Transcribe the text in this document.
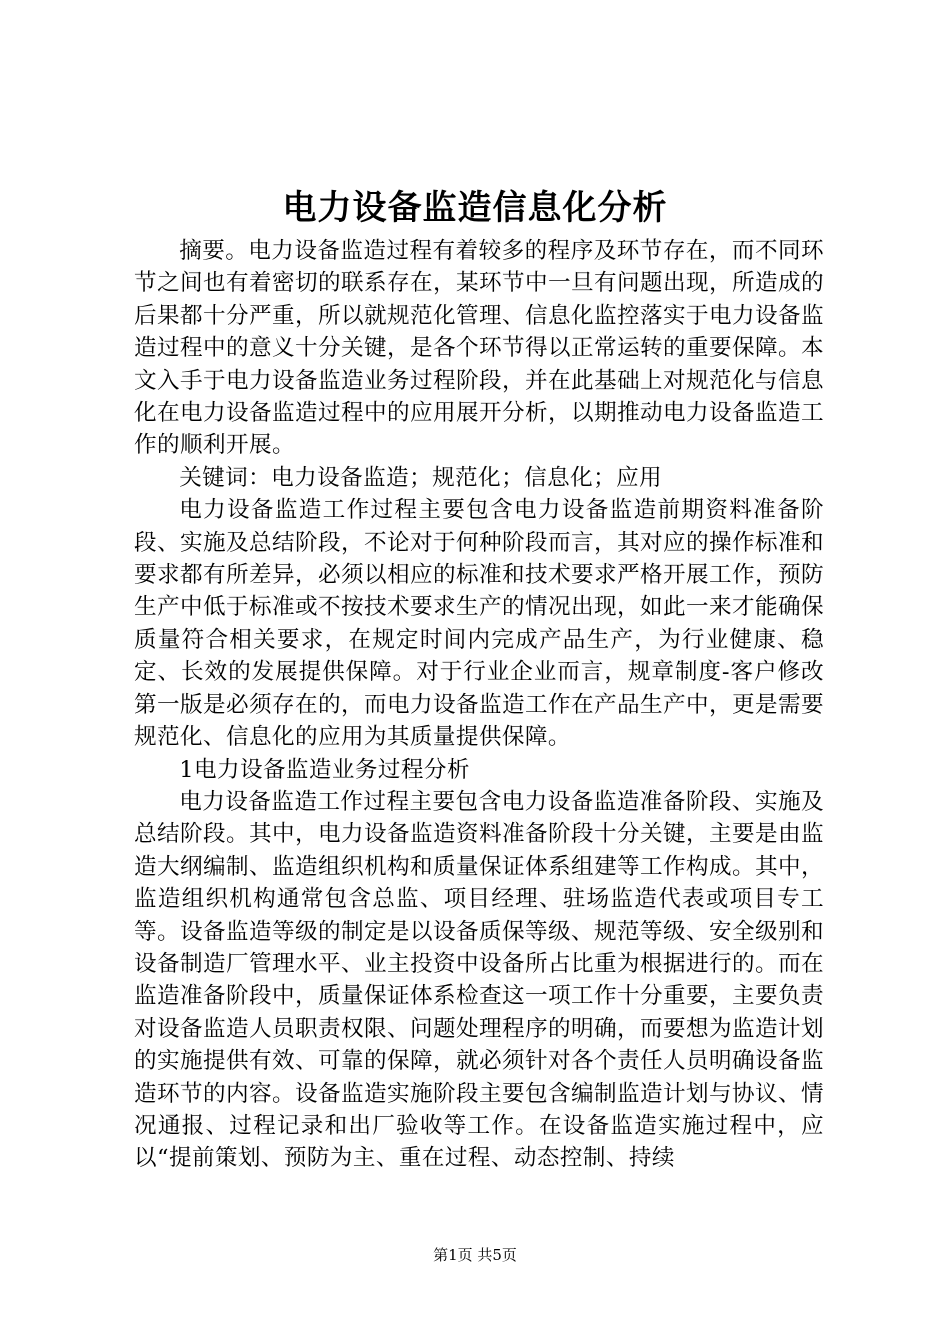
电力设备监造信息化分析

摘要。电力设备监造过程有着较多的程序及环节存在，而不同环节之间也有着密切的联系存在，某环节中一旦有问题出现，所造成的后果都十分严重，所以就规范化管理、信息化监控落实于电力设备监造过程中的意义十分关键，是各个环节得以正常运转的重要保障。本文入手于电力设备监造业务过程阶段，并在此基础上对规范化与信息化在电力设备监造过程中的应用展开分析，以期推动电力设备监造工作的顺利开展。

关键词：电力设备监造；规范化；信息化；应用

电力设备监造工作过程主要包含电力设备监造前期资料准备阶段、实施及总结阶段，不论对于何种阶段而言，其对应的操作标准和要求都有所差异，必须以相应的标准和技术要求严格开展工作，预防生产中低于标准或不按技术要求生产的情况出现，如此一来才能确保质量符合相关要求，在规定时间内完成产品生产，为行业健康、稳定、长效的发展提供保障。对于行业企业而言，规章制度-客户修改第一版是必须存在的，而电力设备监造工作在产品生产中，更是需要规范化、信息化的应用为其质量提供保障。

1电力设备监造业务过程分析

电力设备监造工作过程主要包含电力设备监造准备阶段、实施及总结阶段。其中，电力设备监造资料准备阶段十分关键，主要是由监造大纲编制、监造组织机构和质量保证体系组建等工作构成。其中，监造组织机构通常包含总监、项目经理、驻场监造代表或项目专工等。设备监造等级的制定是以设备质保等级、规范等级、安全级别和设备制造厂管理水平、业主投资中设备所占比重为根据进行的。而在监造准备阶段中，质量保证体系检查这一项工作十分重要，主要负责对设备监造人员职责权限、问题处理程序的明确，而要想为监造计划的实施提供有效、可靠的保障，就必须针对各个责任人员明确设备监造环节的内容。设备监造实施阶段主要包含编制监造计划与协议、情况通报、过程记录和出厂验收等工作。在设备监造实施过程中，应以“提前策划、预防为主、重在过程、动态控制、持续

第1页 共5页
